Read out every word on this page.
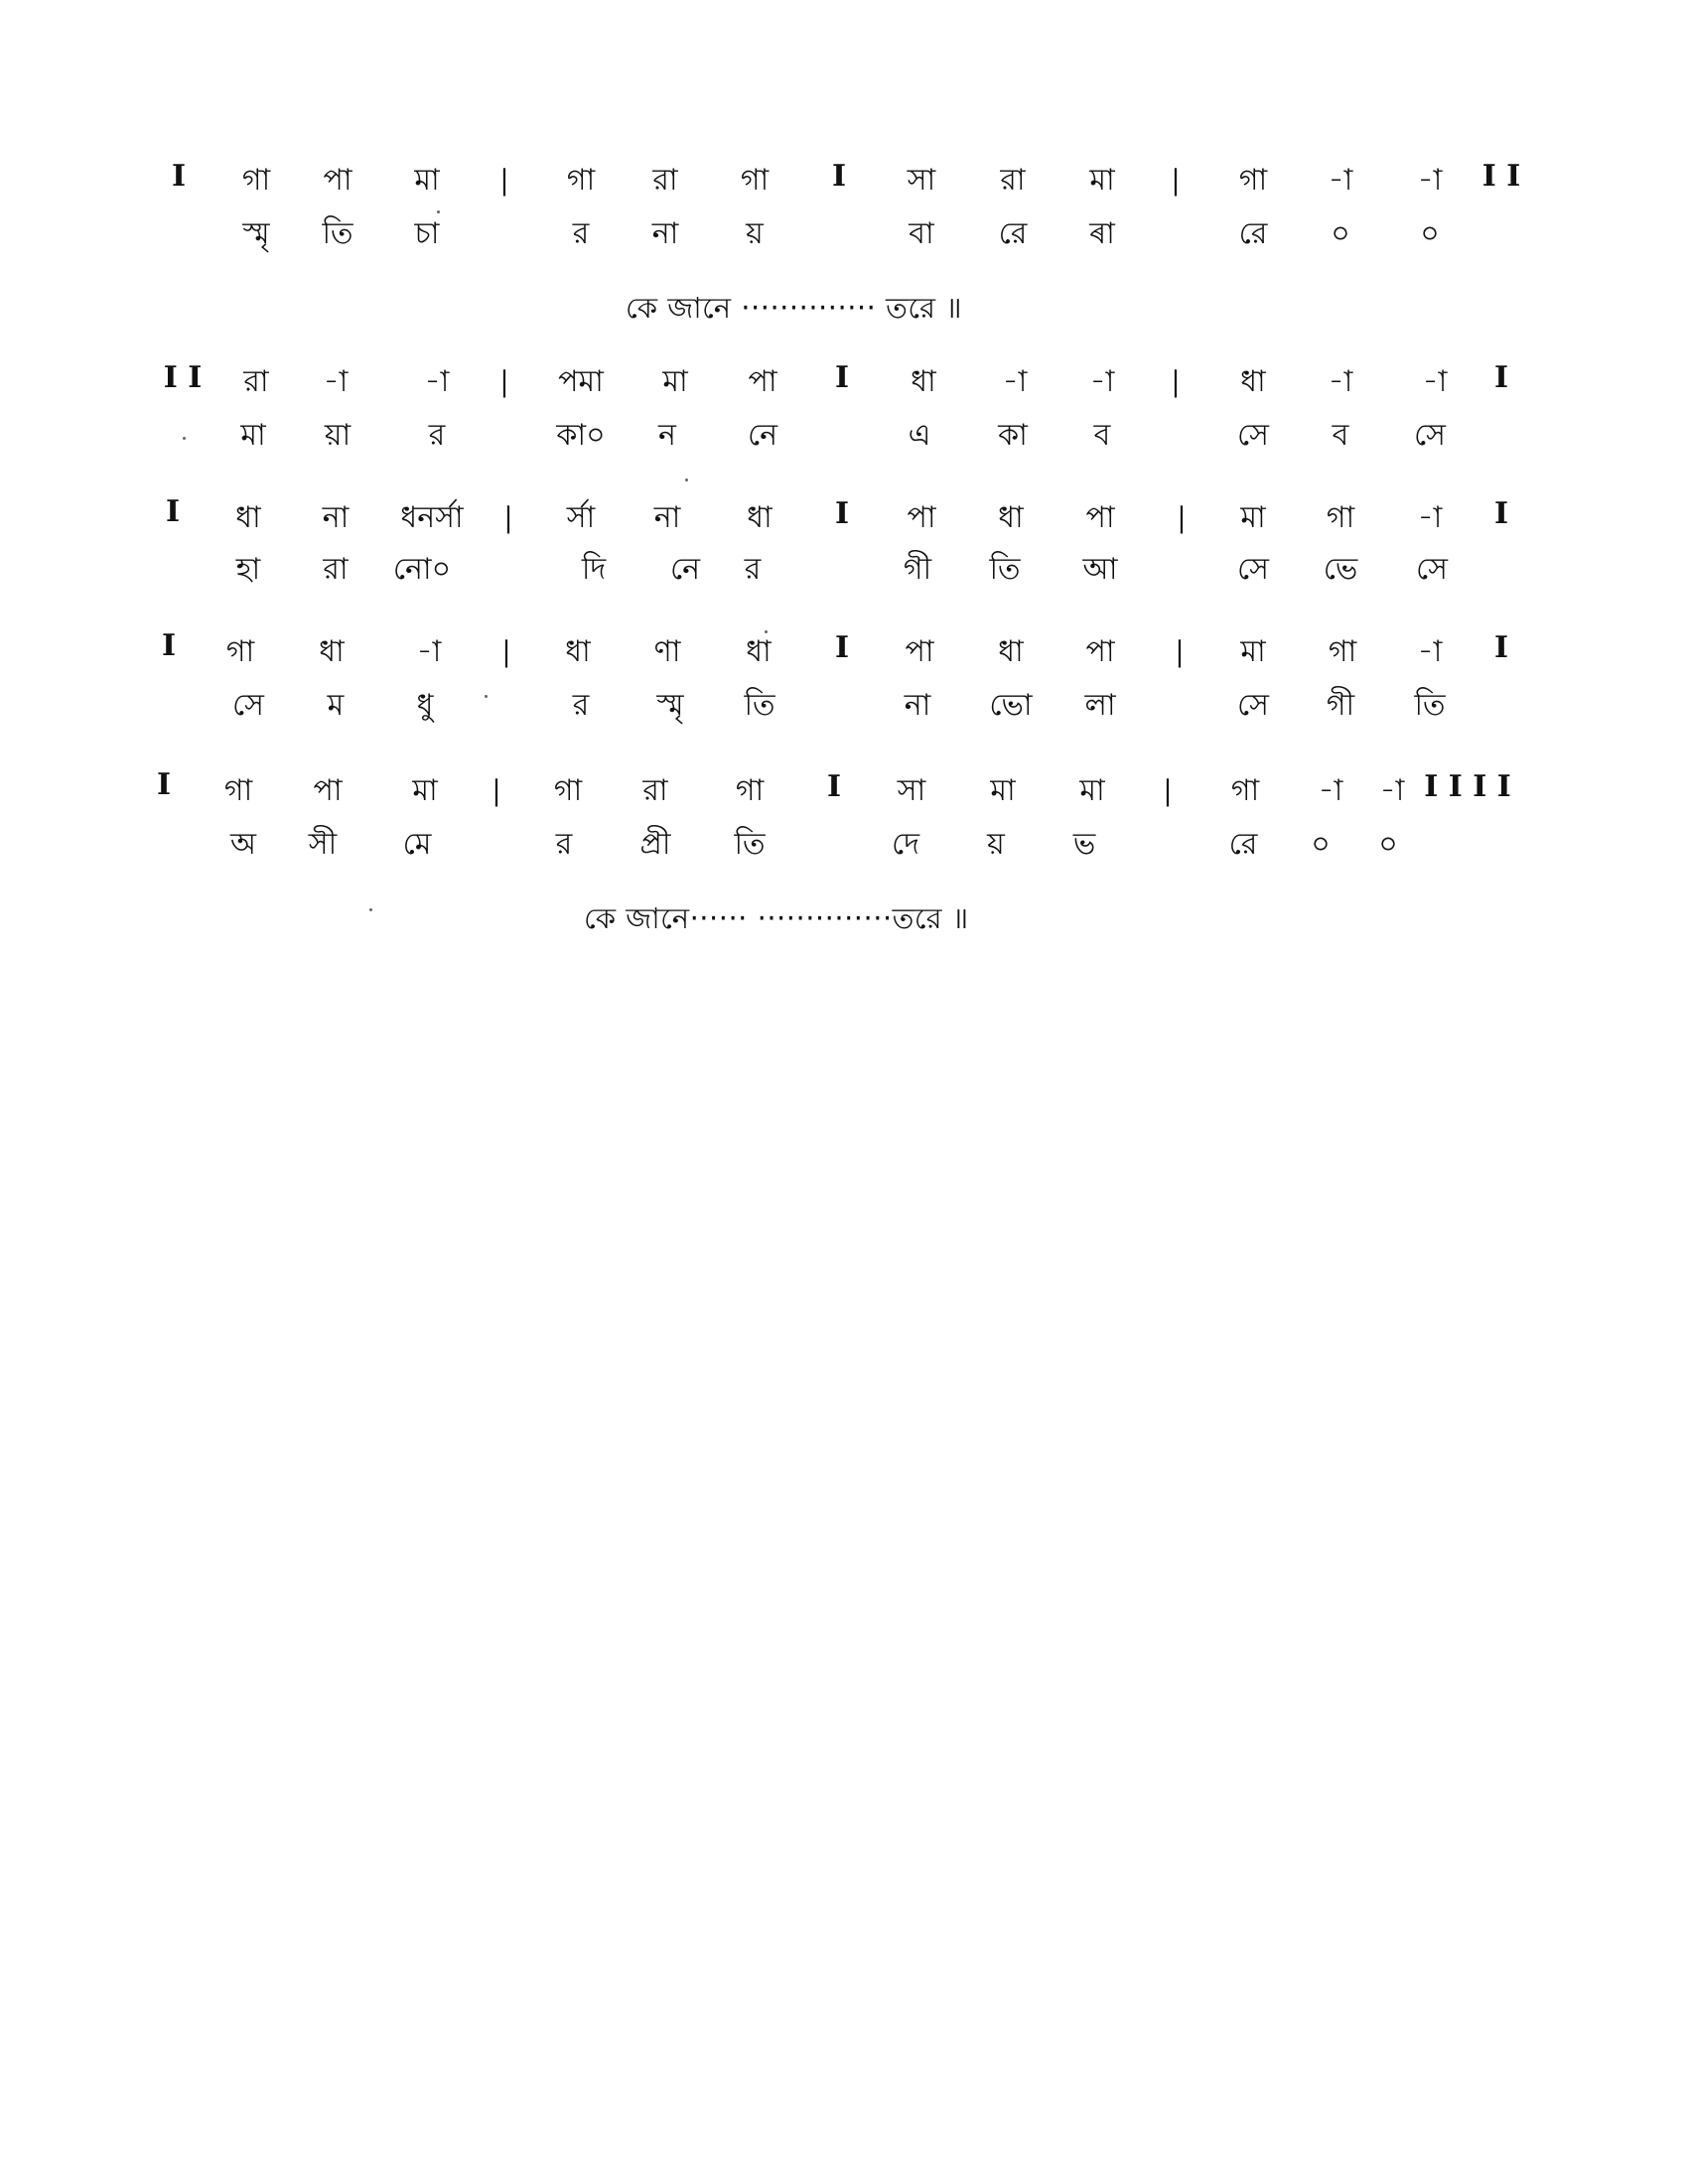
I গা পা মা | গা রা গা I সা রা মা | গা -া -া I I
স্মৃ তি চা	র না য়	বা রে ৰা	রে ০ ০
কে জানে ·············· তরে ॥
I I রা -া	-া | পমা মা পা I ধা -া -া | ধা -া -া I
মা য়া	র	কা০ ন নে	এ কা ব	সে ব সে
I ধা না ধনর্সা | র্সা না ধা I পা ধা পা | মা গা -া I
হা রা নো০	দি নে র	গী তি আ	সে ভে সে
I গা ধা -া | ধা ণা ধা I পা ধা পা | মা গা -া I
সে ম ধু	র স্মৃ তি	না ভো লা	সে গী তি
I গা পা মা | গা রা গা I সা মা মা | গা -া -া I I I I
অ সী মে	র প্রী তি	দে য় ভ	রে ০ ০
কে জানে······ ··············তরে ॥
